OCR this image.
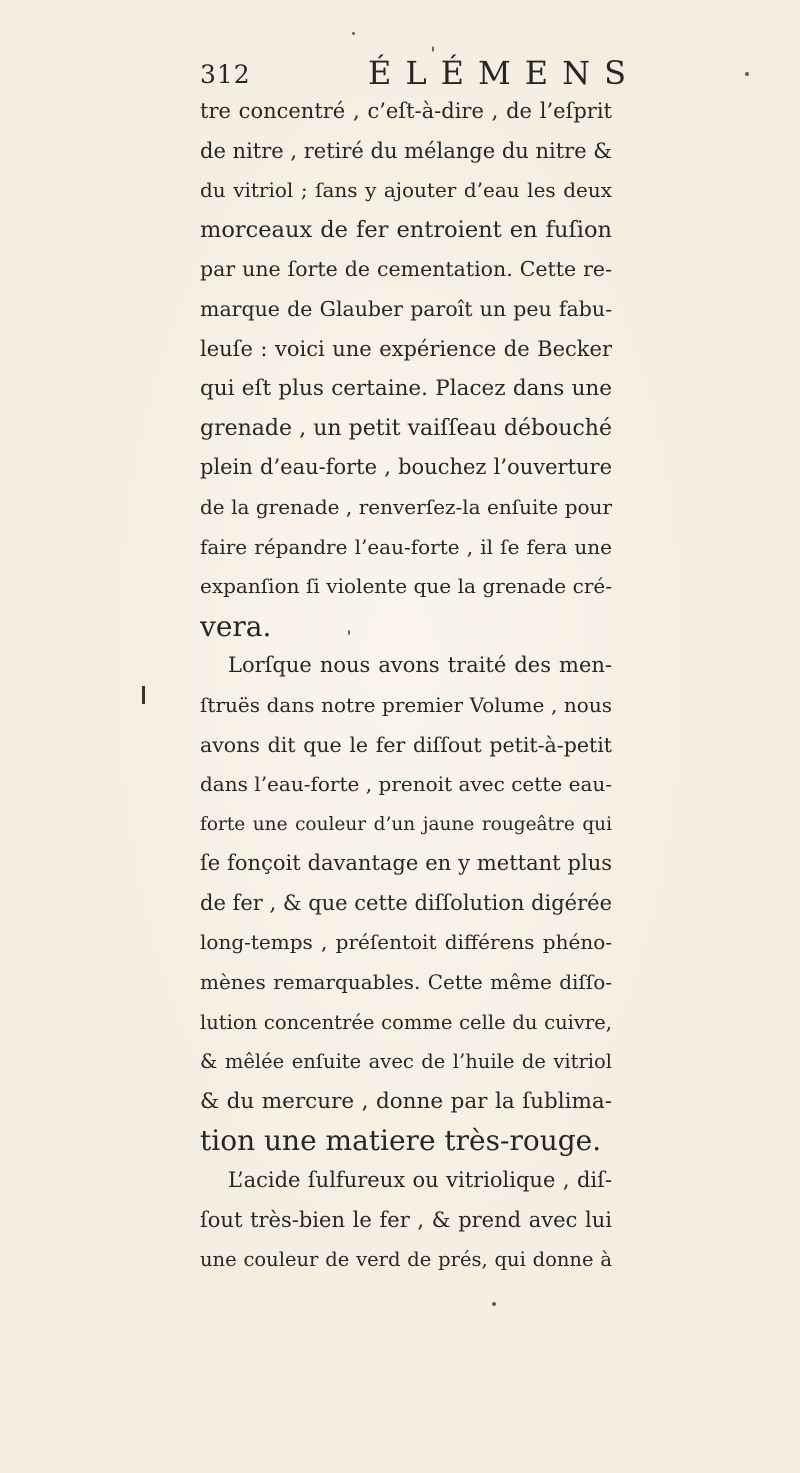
312	ÉLÉMENS
tre concentré , c’eſt-à-dire , de l’eſprit
de nitre , retiré du mélange du nitre &
du vitriol ; ſans y ajouter d’eau les deux
morceaux de fer entroient en fuſion
par une ſorte de cementation. Cette re-
marque de Glauber paroît un peu fabu-
leuſe : voici une expérience de Becker
qui eſt plus certaine. Placez dans une
grenade , un petit vaiſſeau débouché
plein d’eau-forte , bouchez l’ouverture
de la grenade , renverſez-la enſuite pour
faire répandre l’eau-forte , il ſe fera une
expanſion ſi violente que la grenade cré-
vera.
Lorſque nous avons traité des men-
ſtruës dans notre premier Volume , nous
avons dit que le fer diſſout petit-à-petit
dans l’eau-forte , prenoit avec cette eau-
forte une couleur d’un jaune rougeâtre qui
ſe fonçoit davantage en y mettant plus
de fer , & que cette diſſolution digérée
long-temps , préſentoit différens phéno-
mènes remarquables. Cette même diſſo-
lution concentrée comme celle du cuivre,
& mêlée enſuite avec de l’huile de vitriol
& du mercure , donne par la ſublima-
tion une matiere très-rouge.
L’acide ſulfureux ou vitriolique , diſ-
ſout très-bien le fer , & prend avec lui
une couleur de verd de prés, qui donne à
